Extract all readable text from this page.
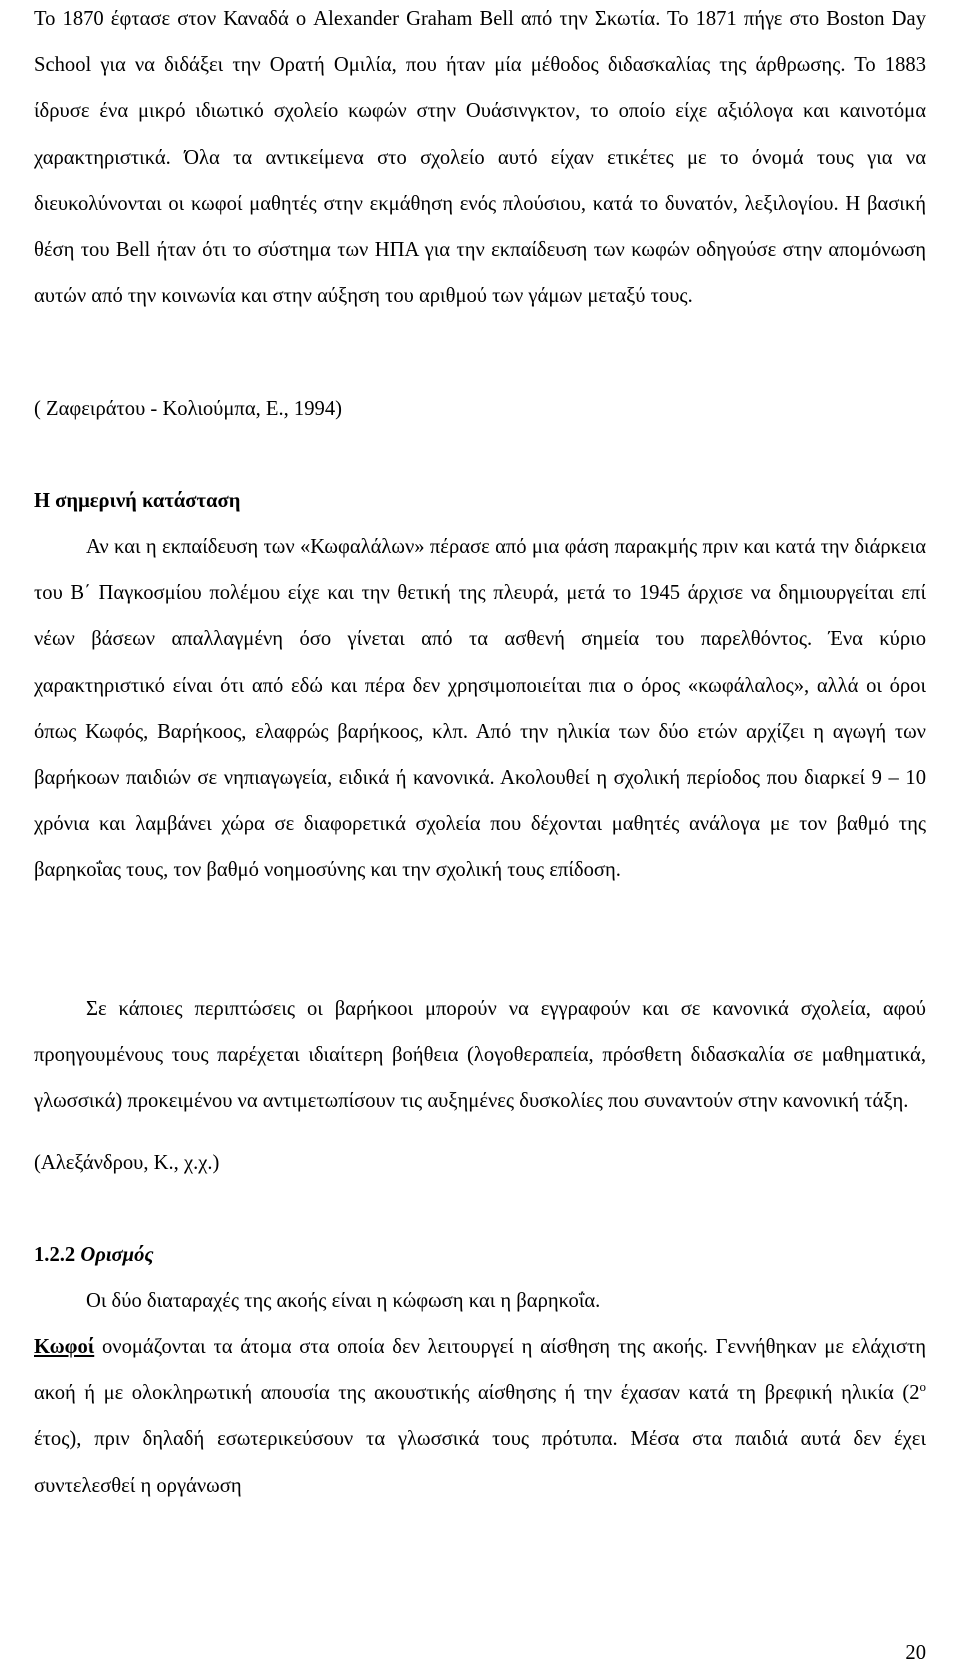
Το 1870 έφτασε στον Καναδά ο Alexander Graham Bell από την Σκωτία. Το 1871 πήγε στο Boston Day School για να διδάξει την Ορατή Ομιλία, που ήταν μία μέθοδος διδασκαλίας της άρθρωσης. Το 1883 ίδρυσε ένα μικρό ιδιωτικό σχολείο κωφών στην Ουάσινγκτον, το οποίο είχε αξιόλογα και καινοτόμα χαρακτηριστικά. Όλα τα αντικείμενα στο σχολείο αυτό είχαν ετικέτες με το όνομά τους για να διευκολύνονται οι κωφοί μαθητές στην εκμάθηση ενός πλούσιου, κατά το δυνατόν, λεξιλογίου. Η βασική θέση του Bell ήταν ότι το σύστημα των ΗΠΑ για την εκπαίδευση των κωφών οδηγούσε στην απομόνωση αυτών από την κοινωνία και στην αύξηση του αριθμού των γάμων μεταξύ τους.

( Ζαφειράτου - Κολιούμπα, Ε., 1994)

Η σημερινή κατάσταση

Αν και η εκπαίδευση των «Κωφαλάλων» πέρασε από μια φάση παρακμής πριν και κατά την διάρκεια του Β΄ Παγκοσμίου πολέμου είχε και την θετική της πλευρά, μετά το 1945 άρχισε να δημιουργείται επί νέων βάσεων απαλλαγμένη όσο γίνεται από τα ασθενή σημεία του παρελθόντος. Ένα κύριο χαρακτηριστικό είναι ότι από εδώ και πέρα δεν χρησιμοποιείται πια ο όρος «κωφάλαλος», αλλά οι όροι όπως Κωφός, Βαρήκοος, ελαφρώς βαρήκοος, κλπ. Από την ηλικία των δύο ετών αρχίζει η αγωγή των βαρήκοων παιδιών σε νηπιαγωγεία, ειδικά ή κανονικά. Ακολουθεί η σχολική περίοδος που διαρκεί 9 – 10 χρόνια και λαμβάνει χώρα σε διαφορετικά σχολεία που δέχονται μαθητές ανάλογα με τον βαθμό της βαρηκοΐας τους, τον βαθμό νοημοσύνης και την σχολική τους επίδοση.

Σε κάποιες περιπτώσεις οι βαρήκοοι μπορούν να εγγραφούν και σε κανονικά σχολεία, αφού προηγουμένους τους παρέχεται ιδιαίτερη βοήθεια (λογοθεραπεία, πρόσθετη διδασκαλία σε μαθηματικά, γλωσσικά) προκειμένου να αντιμετωπίσουν τις αυξημένες δυσκολίες που συναντούν στην κανονική τάξη.

(Αλεξάνδρου, Κ., χ.χ.)

1.2.2 Ορισμός

Οι δύο διαταραχές της ακοής είναι η κώφωση και η βαρηκοΐα.

Κωφοί ονομάζονται τα άτομα στα οποία δεν λειτουργεί η αίσθηση της ακοής. Γεννήθηκαν με ελάχιστη ακοή ή με ολοκληρωτική απουσία της ακουστικής αίσθησης ή την έχασαν κατά τη βρεφική ηλικία ($2^o$ έτος), πριν δηλαδή εσωτερικεύσουν τα γλωσσικά τους πρότυπα. Μέσα στα παιδιά αυτά δεν έχει συντελεσθεί η οργάνωση

20
